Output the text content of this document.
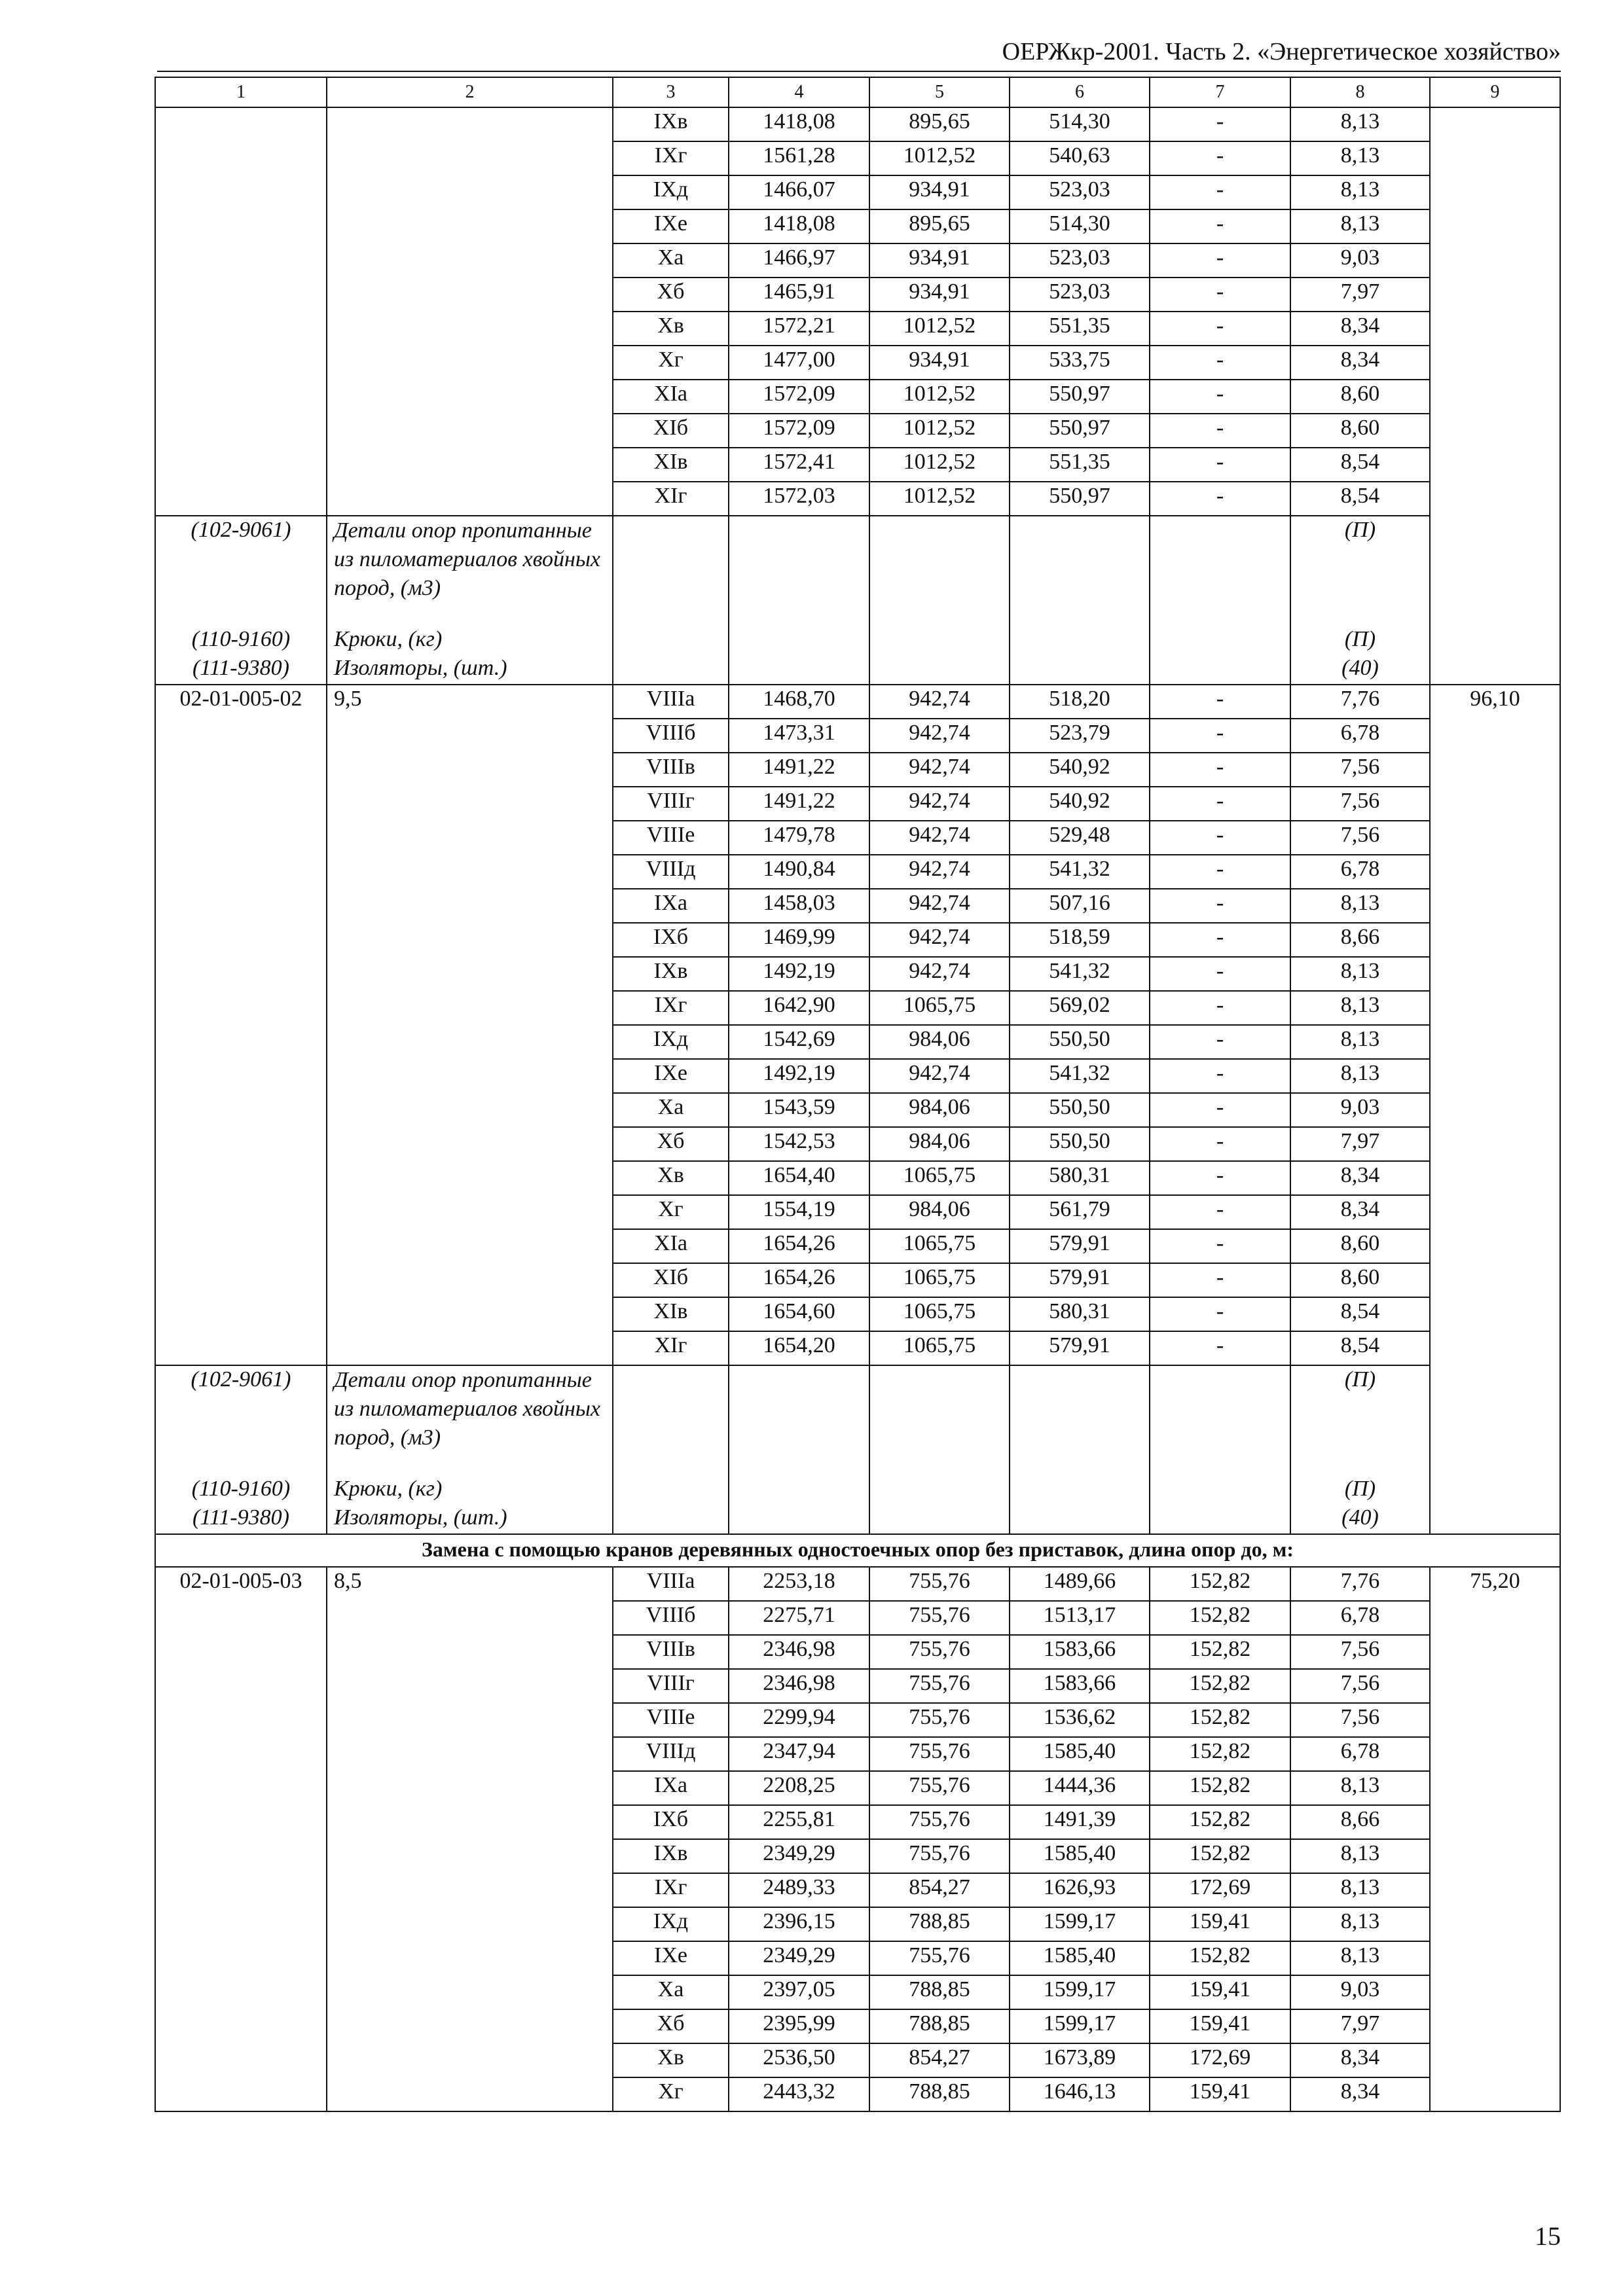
ОЕРЖкр-2001. Часть 2. «Энергетическое хозяйство»
1	2	3	4	5	6	7	8	9
		IXв	1418,08	895,65	514,30	-	8,13	
		IXг	1561,28	1012,52	540,63	-	8,13	
		IXд	1466,07	934,91	523,03	-	8,13	
		IXе	1418,08	895,65	514,30	-	8,13	
		Xа	1466,97	934,91	523,03	-	9,03	
		Xб	1465,91	934,91	523,03	-	7,97	
		Xв	1572,21	1012,52	551,35	-	8,34	
		Xг	1477,00	934,91	533,75	-	8,34	
		XIа	1572,09	1012,52	550,97	-	8,60	
		XIб	1572,09	1012,52	550,97	-	8,60	
		XIв	1572,41	1012,52	551,35	-	8,54	
		XIг	1572,03	1012,52	550,97	-	8,54	
(102-9061)	Детали опор пропитанные из пиломатериалов хвойных пород, (м3)						(П)	
(110-9160)	Крюки, (кг)						(П)	
(111-9380)	Изоляторы, (шт.)						(40)	
02-01-005-02	9,5	VIIIа	1468,70	942,74	518,20	-	7,76	96,10
		VIIIб	1473,31	942,74	523,79	-	6,78	
		VIIIв	1491,22	942,74	540,92	-	7,56	
		VIIIг	1491,22	942,74	540,92	-	7,56	
		VIIIе	1479,78	942,74	529,48	-	7,56	
		VIIIд	1490,84	942,74	541,32	-	6,78	
		IXа	1458,03	942,74	507,16	-	8,13	
		IXб	1469,99	942,74	518,59	-	8,66	
		IXв	1492,19	942,74	541,32	-	8,13	
		IXг	1642,90	1065,75	569,02	-	8,13	
		IXд	1542,69	984,06	550,50	-	8,13	
		IXе	1492,19	942,74	541,32	-	8,13	
		Xа	1543,59	984,06	550,50	-	9,03	
		Xб	1542,53	984,06	550,50	-	7,97	
		Xв	1654,40	1065,75	580,31	-	8,34	
		Xг	1554,19	984,06	561,79	-	8,34	
		XIа	1654,26	1065,75	579,91	-	8,60	
		XIб	1654,26	1065,75	579,91	-	8,60	
		XIв	1654,60	1065,75	580,31	-	8,54	
		XIг	1654,20	1065,75	579,91	-	8,54	
(102-9061)	Детали опор пропитанные из пиломатериалов хвойных пород, (м3)						(П)	
(110-9160)	Крюки, (кг)						(П)	
(111-9380)	Изоляторы, (шт.)						(40)	
Замена с помощью кранов деревянных одностоечных опор без приставок, длина опор до, м:								
02-01-005-03	8,5	VIIIа	2253,18	755,76	1489,66	152,82	7,76	75,20
		VIIIб	2275,71	755,76	1513,17	152,82	6,78	
		VIIIв	2346,98	755,76	1583,66	152,82	7,56	
		VIIIг	2346,98	755,76	1583,66	152,82	7,56	
		VIIIе	2299,94	755,76	1536,62	152,82	7,56	
		VIIIд	2347,94	755,76	1585,40	152,82	6,78	
		IXа	2208,25	755,76	1444,36	152,82	8,13	
		IXб	2255,81	755,76	1491,39	152,82	8,66	
		IXв	2349,29	755,76	1585,40	152,82	8,13	
		IXг	2489,33	854,27	1626,93	172,69	8,13	
		IXд	2396,15	788,85	1599,17	159,41	8,13	
		IXе	2349,29	755,76	1585,40	152,82	8,13	
		Xа	2397,05	788,85	1599,17	159,41	9,03	
		Xб	2395,99	788,85	1599,17	159,41	7,97	
		Xв	2536,50	854,27	1673,89	172,69	8,34	
		Xг	2443,32	788,85	1646,13	159,41	8,34	
15
